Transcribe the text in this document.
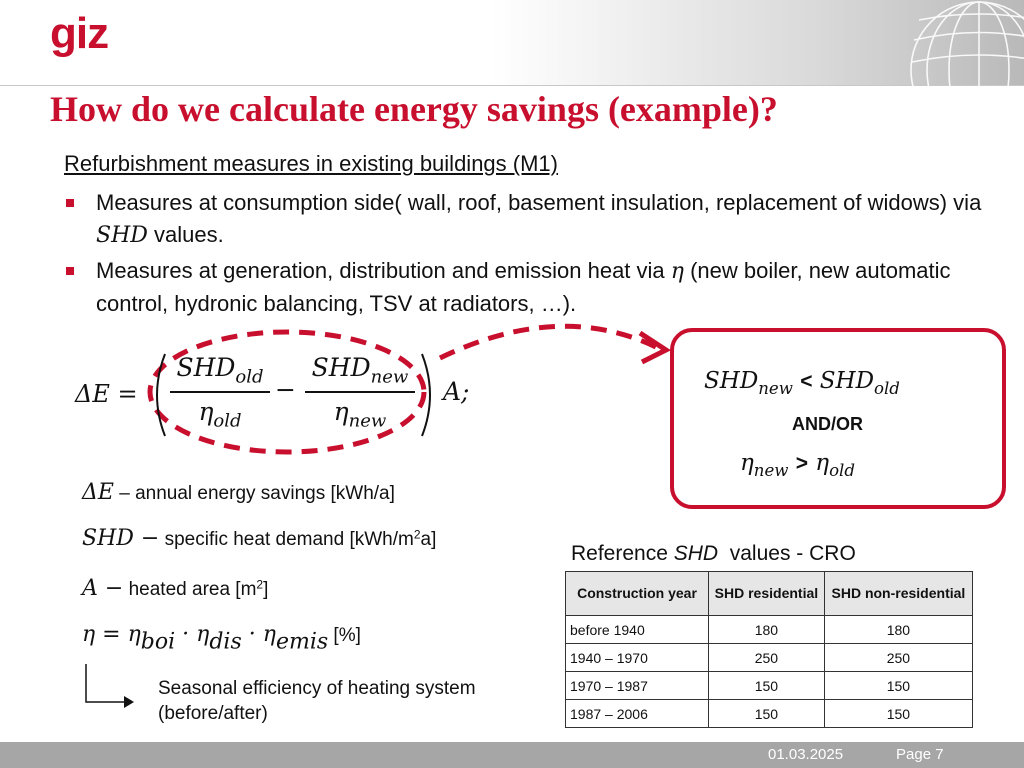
giz
How do we calculate energy savings (example)?
Refurbishment measures in existing buildings (M1)
Measures at consumption side( wall, roof, basement insulation, replacement of widows) via SHD values.
Measures at generation, distribution and emission heat via η (new boiler, new automatic control, hydronic balancing, TSV at radiators, …).
ΔE =
$SHD_{old}$
$\eta_{old}$
−
$SHD_{new}$
$\eta_{new}$
A;	$SHD_{new} < SHD_{old}$
AND/OR
$\eta_{new} > \eta_{old}$
ΔE – annual energy savings [kWh/a]
SHD − specific heat demand $[kWh/m^2a]$
A − heated area $[m^2]$
η = ηboi · ηdis · ηemis [%]
Seasonal efficiency of heating system (before/after)
Reference SHD  values - CRO
Construction year	SHD residential	SHD non-residential
before 1940	180	180
1940 – 1970	250	250
1970 – 1987	150	150
1987 – 2006	150	150
01.03.2025	Page 7
